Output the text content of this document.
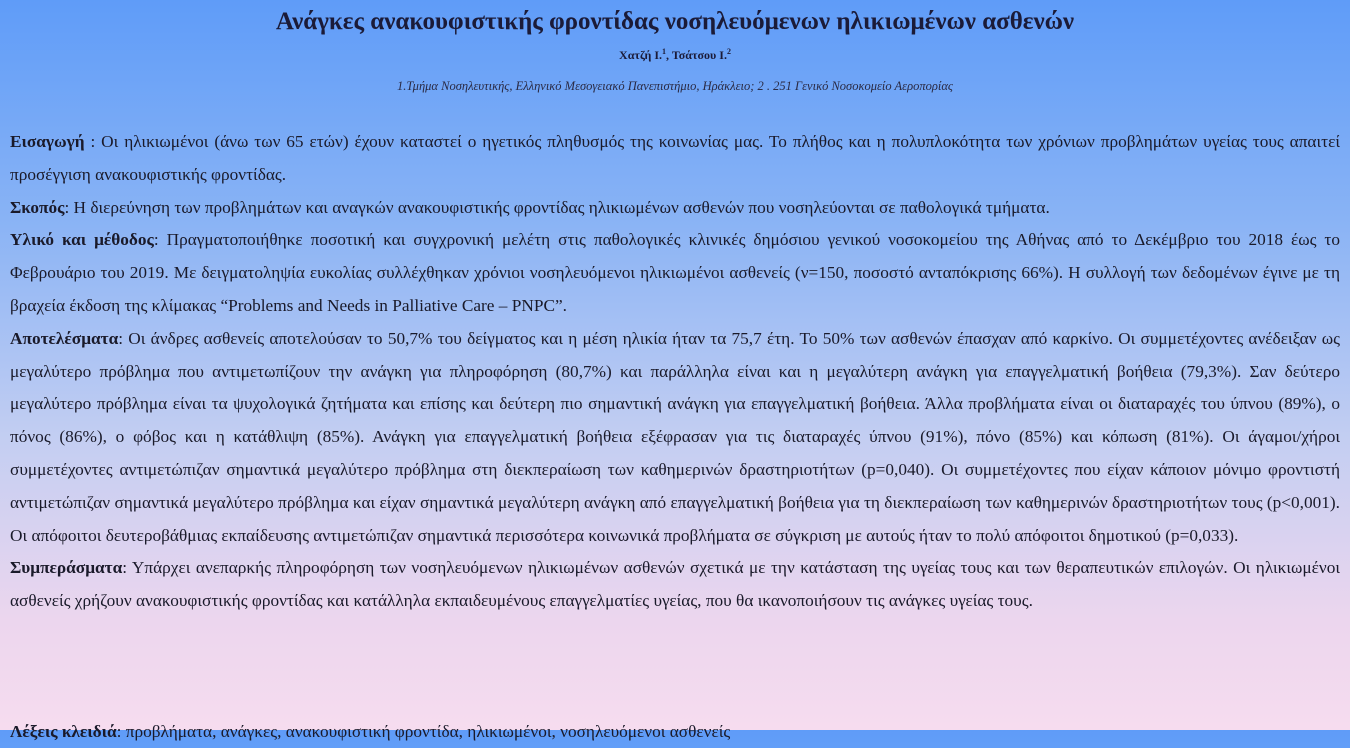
Ανάγκες ανακουφιστικής φροντίδας νοσηλευόμενων ηλικιωμένων ασθενών
Χατζή Ι.$^1$, Τσάτσου Ι.$^2$
1.Τμήμα Νοσηλευτικής, Ελληνικό Μεσογειακό Πανεπιστήμιο, Ηράκλειο; 2 . 251 Γενικό Νοσοκομείο Αεροπορίας

Εισαγωγή : Οι ηλικιωμένοι (άνω των 65 ετών) έχουν καταστεί ο ηγετικός πληθυσμός της κοινωνίας μας. Το πλήθος και η πολυπλοκότητα των χρόνιων προβλημάτων υγείας τους απαιτεί προσέγγιση ανακουφιστικής φροντίδας.

Σκοπός: Η διερεύνηση των προβλημάτων και αναγκών ανακουφιστικής φροντίδας ηλικιωμένων ασθενών που νοσηλεύονται σε παθολογικά τμήματα.

Υλικό και μέθοδος: Πραγματοποιήθηκε ποσοτική και συγχρονική μελέτη στις παθολογικές κλινικές δημόσιου γενικού νοσοκομείου της Αθήνας από το Δεκέμβριο του 2018 έως το Φεβρουάριο του 2019. Με δειγματοληψία ευκολίας συλλέχθηκαν χρόνιοι νοσηλευόμενοι ηλικιωμένοι ασθενείς (ν=150, ποσοστό ανταπόκρισης 66%). Η συλλογή των δεδομένων έγινε με τη βραχεία έκδοση της κλίμακας “Problems and Needs in Palliative Care – PNPC”.

Αποτελέσματα: Οι άνδρες ασθενείς αποτελούσαν το 50,7% του δείγματος και η μέση ηλικία ήταν τα 75,7 έτη. Το 50% των ασθενών έπασχαν από καρκίνο. Οι συμμετέχοντες ανέδειξαν ως μεγαλύτερο πρόβλημα που αντιμετωπίζουν την ανάγκη για πληροφόρηση (80,7%) και παράλληλα είναι και η μεγαλύτερη ανάγκη για επαγγελματική βοήθεια (79,3%). Σαν δεύτερο μεγαλύτερο πρόβλημα είναι τα ψυχολογικά ζητήματα και επίσης και δεύτερη πιο σημαντική ανάγκη για επαγγελματική βοήθεια. Άλλα προβλήματα είναι οι διαταραχές του ύπνου (89%), ο πόνος (86%), ο φόβος και η κατάθλιψη (85%). Ανάγκη για επαγγελματική βοήθεια εξέφρασαν για τις διαταραχές ύπνου (91%), πόνο (85%) και κόπωση (81%). Οι άγαμοι/χήροι συμμετέχοντες αντιμετώπιζαν σημαντικά μεγαλύτερο πρόβλημα στη διεκπεραίωση των καθημερινών δραστηριοτήτων (p=0,040). Οι συμμετέχοντες που είχαν κάποιον μόνιμο φροντιστή αντιμετώπιζαν σημαντικά μεγαλύτερο πρόβλημα και είχαν σημαντικά μεγαλύτερη ανάγκη από επαγγελματική βοήθεια για τη διεκπεραίωση των καθημερινών δραστηριοτήτων τους (p<0,001). Οι απόφοιτοι δευτεροβάθμιας εκπαίδευσης αντιμετώπιζαν σημαντικά περισσότερα κοινωνικά προβλήματα σε σύγκριση με αυτούς ήταν το πολύ απόφοιτοι δημοτικού (p=0,033).

Συμπεράσματα: Υπάρχει ανεπαρκής πληροφόρηση των νοσηλευόμενων ηλικιωμένων ασθενών σχετικά με την κατάσταση της υγείας τους και των θεραπευτικών επιλογών. Οι ηλικιωμένοι ασθενείς χρήζουν ανακουφιστικής φροντίδας και κατάλληλα εκπαιδευμένους επαγγελματίες υγείας, που θα ικανοποιήσουν τις ανάγκες υγείας τους.

Λέξεις κλειδιά: προβλήματα, ανάγκες, ανακουφιστική φροντίδα, ηλικιωμένοι, νοσηλευόμενοι ασθενείς
